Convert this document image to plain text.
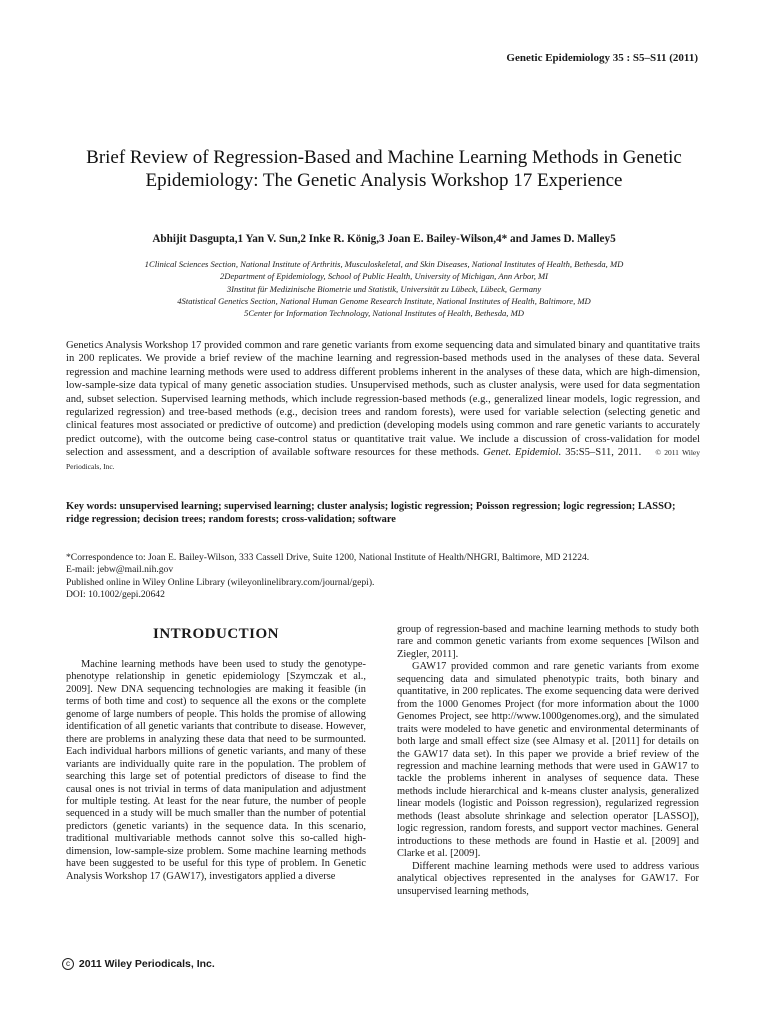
Genetic Epidemiology 35 : S5–S11 (2011)
Brief Review of Regression-Based and Machine Learning Methods in Genetic Epidemiology: The Genetic Analysis Workshop 17 Experience
Abhijit Dasgupta,1 Yan V. Sun,2 Inke R. König,3 Joan E. Bailey-Wilson,4* and James D. Malley5
1Clinical Sciences Section, National Institute of Arthritis, Musculoskeletal, and Skin Diseases, National Institutes of Health, Bethesda, MD
2Department of Epidemiology, School of Public Health, University of Michigan, Ann Arbor, MI
3Institut für Medizinische Biometrie und Statistik, Universität zu Lübeck, Lübeck, Germany
4Statistical Genetics Section, National Human Genome Research Institute, National Institutes of Health, Baltimore, MD
5Center for Information Technology, National Institutes of Health, Bethesda, MD
Genetics Analysis Workshop 17 provided common and rare genetic variants from exome sequencing data and simulated binary and quantitative traits in 200 replicates. We provide a brief review of the machine learning and regression-based methods used in the analyses of these data. Several regression and machine learning methods were used to address different problems inherent in the analyses of these data, which are high-dimension, low-sample-size data typical of many genetic association studies. Unsupervised methods, such as cluster analysis, were used for data segmentation and, subset selection. Supervised learning methods, which include regression-based methods (e.g., generalized linear models, logic regression, and regularized regression) and tree-based methods (e.g., decision trees and random forests), were used for variable selection (selecting genetic and clinical features most associated or predictive of outcome) and prediction (developing models using common and rare genetic variants to accurately predict outcome), with the outcome being case-control status or quantitative trait value. We include a discussion of cross-validation for model selection and assessment, and a description of available software resources for these methods. Genet. Epidemiol. 35:S5–S11, 2011. © 2011 Wiley Periodicals, Inc.
Key words: unsupervised learning; supervised learning; cluster analysis; logistic regression; Poisson regression; logic regression; LASSO; ridge regression; decision trees; random forests; cross-validation; software
*Correspondence to: Joan E. Bailey-Wilson, 333 Cassell Drive, Suite 1200, National Institute of Health/NHGRI, Baltimore, MD 21224.
E-mail: jebw@mail.nih.gov
Published online in Wiley Online Library (wileyonlinelibrary.com/journal/gepi).
DOI: 10.1002/gepi.20642
INTRODUCTION

Machine learning methods have been used to study the genotype-phenotype relationship in genetic epidemiology [Szymczak et al., 2009]. New DNA sequencing technologies are making it feasible (in terms of both time and cost) to sequence all the exons or the complete genome of large numbers of people. This holds the promise of allowing identification of all genetic variants that contribute to disease. However, there are problems in analyzing these data that need to be surmounted. Each individual harbors millions of genetic variants, and many of these variants are individually quite rare in the population. The problem of searching this large set of potential predictors of disease to find the causal ones is not trivial in terms of data manipulation and adjustment for multiple testing. At least for the near future, the number of people sequenced in a study will be much smaller than the number of potential predictors (genetic variants) in the sequence data. In this scenario, traditional multivariable methods cannot solve this so-called high-dimension, low-sample-size problem. Some machine learning methods have been suggested to be useful for this type of problem. In Genetic Analysis Workshop 17 (GAW17), investigators applied a diverse

group of regression-based and machine learning methods to study both rare and common genetic variants from exome sequences [Wilson and Ziegler, 2011].

GAW17 provided common and rare genetic variants from exome sequencing data and simulated phenotypic traits, both binary and quantitative, in 200 replicates. The exome sequencing data were derived from the 1000 Genomes Project (for more information about the 1000 Genomes Project, see http://www.1000genomes.org), and the simulated traits were modeled to have genetic and environmental determinants of both large and small effect size (see Almasy et al. [2011] for details on the GAW17 data set). In this paper we provide a brief review of the regression and machine learning methods that were used in GAW17 to tackle the problems inherent in analyses of sequence data. These methods include hierarchical and k-means cluster analysis, generalized linear models (logistic and Poisson regression), regularized regression methods (least absolute shrinkage and selection operator [LASSO]), logic regression, random forests, and support vector machines. General introductions to these methods are found in Hastie et al. [2009] and Clarke et al. [2009].

Different machine learning methods were used to address various analytical objectives represented in the analyses for GAW17. For unsupervised learning methods,

c 2011 Wiley Periodicals, Inc.
